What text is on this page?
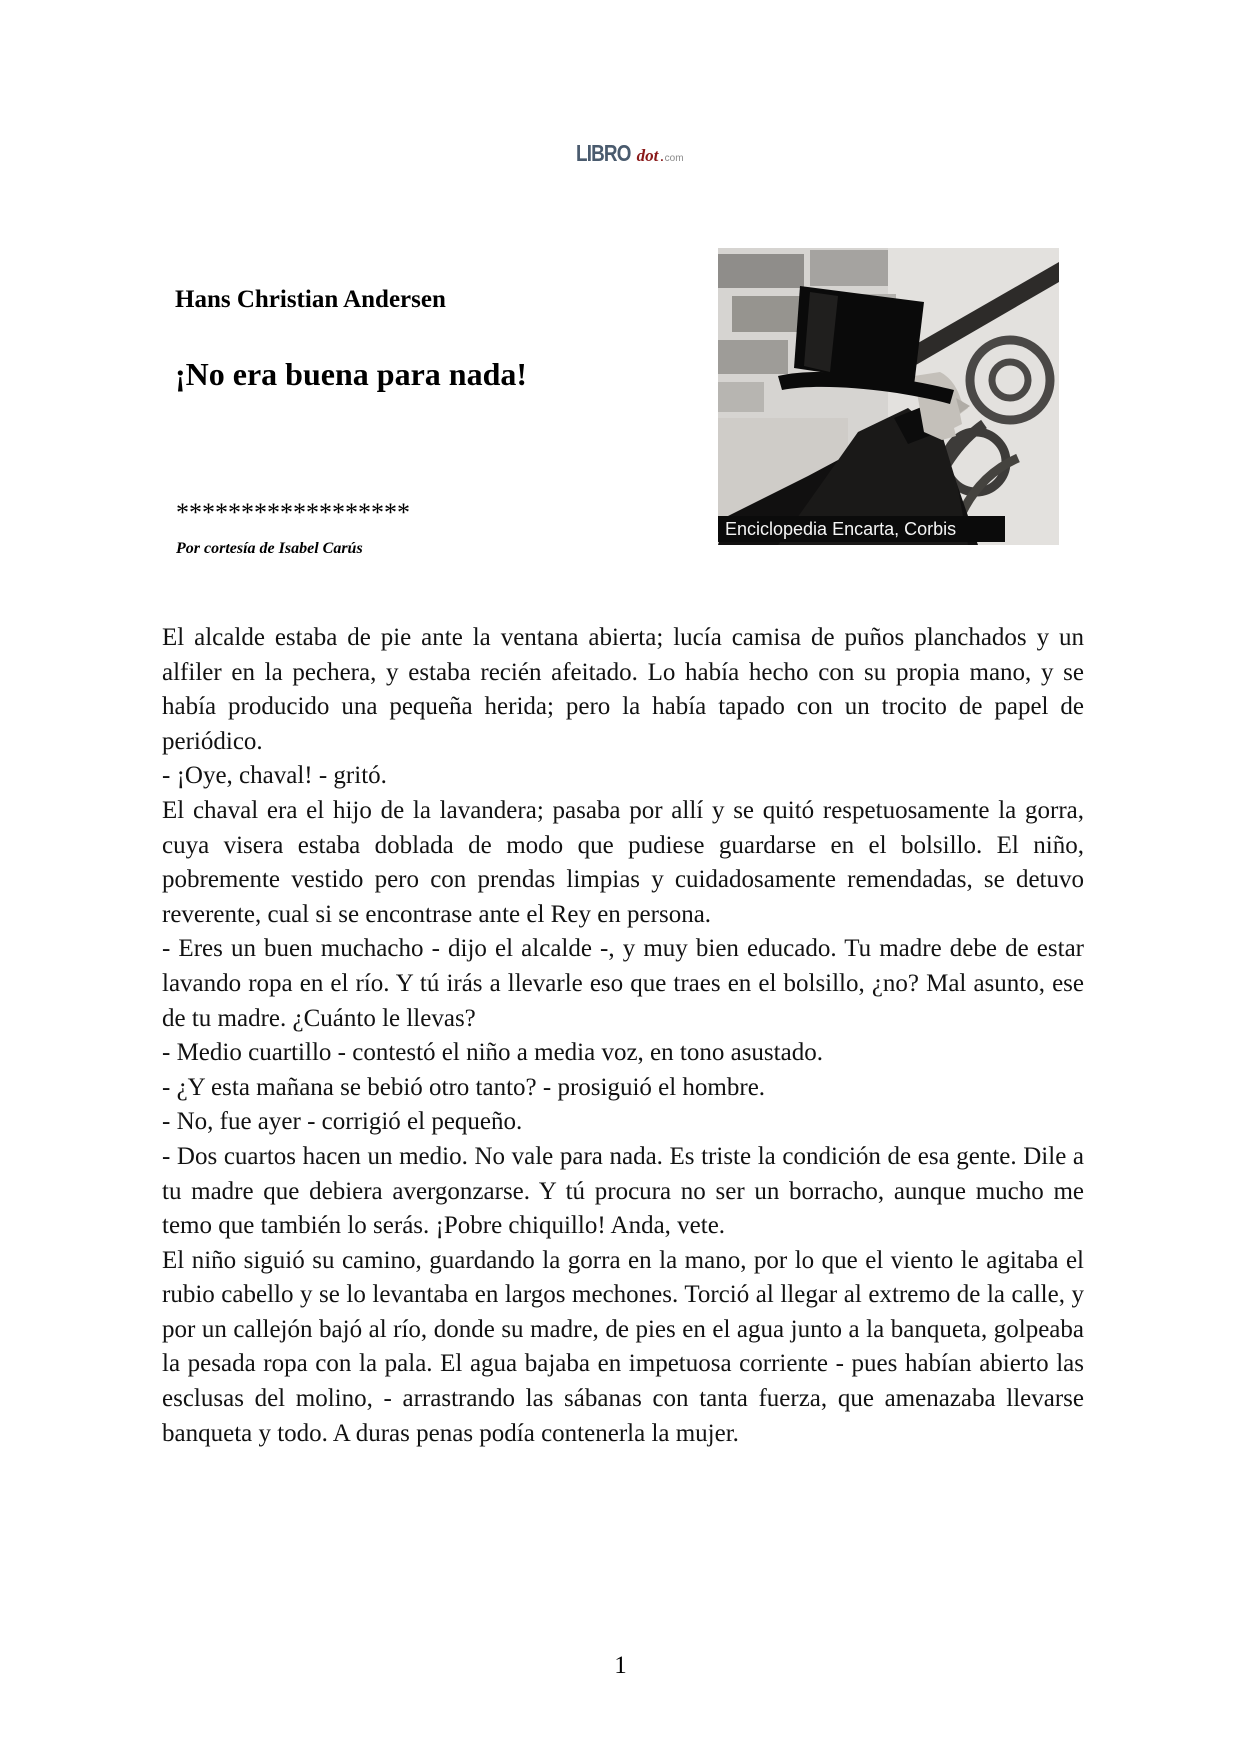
LIBRO dot . com
Hans Christian Andersen
¡No era buena para nada!
******************
Por cortesía de Isabel Carús
Enciclopedia Encarta, Corbis
El alcalde estaba de pie ante la ventana abierta; lucía camisa de puños planchados y un alfiler en la pechera, y estaba recién afeitado. Lo había hecho con su propia mano, y se había producido una pequeña herida; pero la había tapado con un trocito de papel de periódico.
- ¡Oye, chaval! - gritó.
El chaval era el hijo de la lavandera; pasaba por allí y se quitó respetuosamente la gorra, cuya visera estaba doblada de modo que pudiese guardarse en el bolsillo. El niño, pobremente vestido pero con prendas limpias y cuidadosamente remendadas, se detuvo reverente, cual si se encontrase ante el Rey en persona.
- Eres un buen muchacho - dijo el alcalde -, y muy bien educado. Tu madre debe de estar lavando ropa en el río. Y tú irás a llevarle eso que traes en el bolsillo, ¿no? Mal asunto, ese de tu madre. ¿Cuánto le llevas?
- Medio cuartillo - contestó el niño a media voz, en tono asustado.
- ¿Y esta mañana se bebió otro tanto? - prosiguió el hombre.
- No, fue ayer - corrigió el pequeño.
- Dos cuartos hacen un medio. No vale para nada. Es triste la condición de esa gente. Dile a tu madre que debiera avergonzarse. Y tú procura no ser un borracho, aunque mucho me temo que también lo serás. ¡Pobre chiquillo! Anda, vete.
El niño siguió su camino, guardando la gorra en la mano, por lo que el viento le agitaba el rubio cabello y se lo levantaba en largos mechones. Torció al llegar al extremo de la calle, y por un callejón bajó al río, donde su madre, de pies en el agua junto a la banqueta, golpeaba la pesada ropa con la pala. El agua bajaba en impetuosa corriente - pues habían abierto las esclusas del molino, - arrastrando las sábanas con tanta fuerza, que amenazaba llevarse banqueta y todo. A duras penas podía contenerla la mujer.
1
